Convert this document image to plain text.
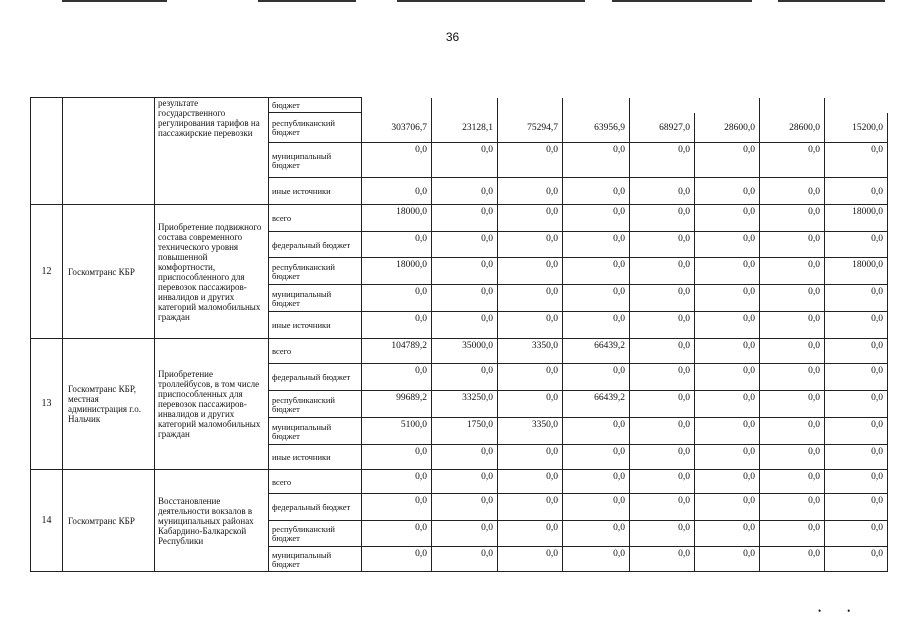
36
		результате государственного регулирования тарифов на пассажирские перевозки	бюджет								
			республиканский бюджет	303706,7	23128,1	75294,7	63956,9	68927,0	28600,0	28600,0	15200,0
			муниципальный бюджет	0,0	0,0	0,0	0,0	0,0	0,0	0,0	0,0
			иные источники	0,0	0,0	0,0	0,0	0,0	0,0	0,0	0,0
12	Госкомтранс КБР	Приобретение подвижного состава современного технического уровня повышенной комфортности, приспособленного для перевозок пассажиров-инвалидов и других категорий маломобильных граждан	всего	18000,0	0,0	0,0	0,0	0,0	0,0	0,0	18000,0
			федеральный бюджет	0,0	0,0	0,0	0,0	0,0	0,0	0,0	0,0
			республиканский бюджет	18000,0	0,0	0,0	0,0	0,0	0,0	0,0	18000,0
			муниципальный бюджет	0,0	0,0	0,0	0,0	0,0	0,0	0,0	0,0
			иные источники	0,0	0,0	0,0	0,0	0,0	0,0	0,0	0,0
13	Госкомтранс КБР, местная администрация г.о. Нальчик	Приобретение троллейбусов, в том числе приспособленных для перевозок пассажиров-инвалидов и других категорий маломобильных граждан	всего	104789,2	35000,0	3350,0	66439,2	0,0	0,0	0,0	0,0
			федеральный бюджет	0,0	0,0	0,0	0,0	0,0	0,0	0,0	0,0
			республиканский бюджет	99689,2	33250,0	0,0	66439,2	0,0	0,0	0,0	0,0
			муниципальный бюджет	5100,0	1750,0	3350,0	0,0	0,0	0,0	0,0	0,0
			иные источники	0,0	0,0	0,0	0,0	0,0	0,0	0,0	0,0
14	Госкомтранс КБР	Восстановление деятельности вокзалов в муниципальных районах Кабардино-Балкарской Республики	всего	0,0	0,0	0,0	0,0	0,0	0,0	0,0	0,0
			федеральный бюджет	0,0	0,0	0,0	0,0	0,0	0,0	0,0	0,0
			республиканский бюджет	0,0	0,0	0,0	0,0	0,0	0,0	0,0	0,0
			муниципальный бюджет	0,0	0,0	0,0	0,0	0,0	0,0	0,0	0,0
••
